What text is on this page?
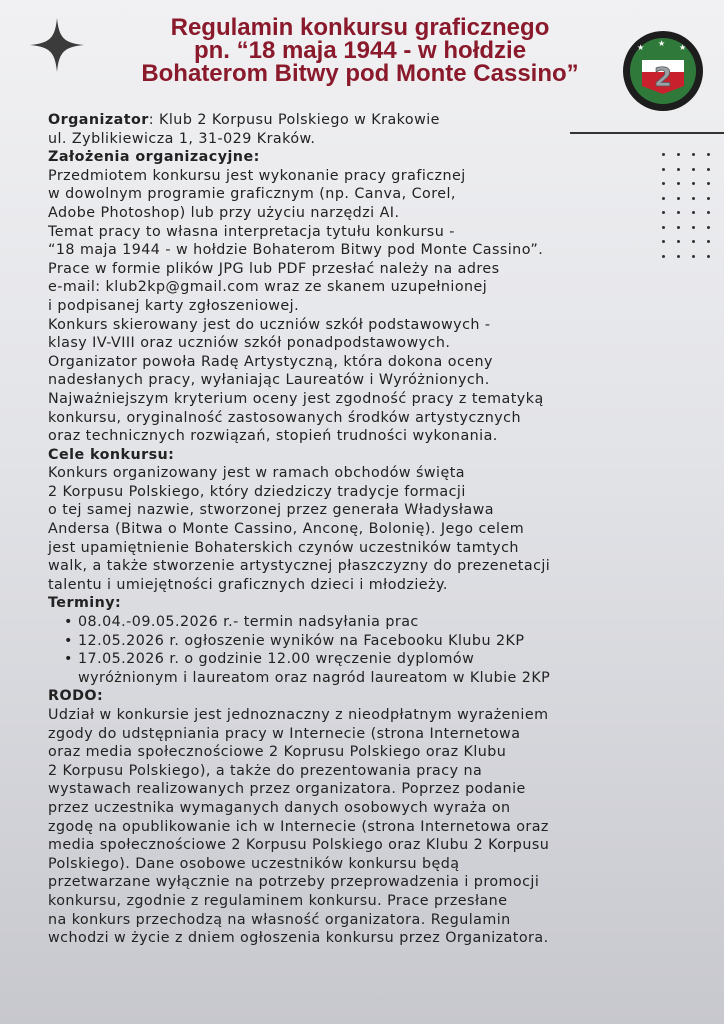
Regulamin konkursu graficznego
pn. “18 maja 1944 - w hołdzie
Bohaterom Bitwy pod Monte Cassino”
★ ★ ★
2

Organizator: Klub 2 Korpusu Polskiego w Krakowie
ul. Zyblikiewicza 1, 31-029 Kraków.

Założenia organizacyjne:

Przedmiotem konkursu jest wykonanie pracy graficznej
w dowolnym programie graficznym (np. Canva, Corel,
Adobe Photoshop) lub przy użyciu narzędzi AI.
Temat pracy to własna interpretacja tytułu konkursu -
“18 maja 1944 - w hołdzie Bohaterom Bitwy pod Monte Cassino”.
Prace w formie plików JPG lub PDF przesłać należy na adres
e-mail: klub2kp@gmail.com wraz ze skanem uzupełnionej
i podpisanej karty zgłoszeniowej.
Konkurs skierowany jest do uczniów szkół podstawowych -
klasy IV-VIII oraz uczniów szkół ponadpodstawowych.
Organizator powoła Radę Artystyczną, która dokona oceny
nadesłanych pracy, wyłaniając Laureatów i Wyróżnionych.
Najważniejszym kryterium oceny jest zgodność pracy z tematyką
konkursu, oryginalność zastosowanych środków artystycznych
oraz technicznych rozwiązań, stopień trudności wykonania.

Cele konkursu:

Konkurs organizowany jest w ramach obchodów święta
2 Korpusu Polskiego, który dziedziczy tradycje formacji
o tej samej nazwie, stworzonej przez generała Władysława
Andersa (Bitwa o Monte Cassino, Anconę, Bolonię). Jego celem
jest upamiętnienie Bohaterskich czynów uczestników tamtych
walk, a także stworzenie artystycznej płaszczyzny do prezenetacji
talentu i umiejętności graficznych dzieci i młodzieży.

Terminy:

• 08.04.-09.05.2026 r.- termin nadsyłania prac
• 12.05.2026 r. ogłoszenie wyników na Facebooku Klubu 2KP
• 17.05.2026 r. o godzinie 12.00 wręczenie dyplomów
wyróżnionym i laureatom oraz nagród laureatom w Klubie 2KP

RODO:

Udział w konkursie jest jednoznaczny z nieodpłatnym wyrażeniem
zgody do udstępniania pracy w Internecie (strona Internetowa
oraz media społecznościowe 2 Koprusu Polskiego oraz Klubu
2 Korpusu Polskiego), a także do prezentowania pracy na
wystawach realizowanych przez organizatora. Poprzez podanie
przez uczestnika wymaganych danych osobowych wyraża on
zgodę na opublikowanie ich w Internecie (strona Internetowa oraz
media społecznościowe 2 Korpusu Polskiego oraz Klubu 2 Korpusu
Polskiego). Dane osobowe uczestników konkursu będą
przetwarzane wyłącznie na potrzeby przeprowadzenia i promocji
konkursu, zgodnie z regulaminem konkursu. Prace przesłane
na konkurs przechodzą na własność organizatora. Regulamin
wchodzi w życie z dniem ogłoszenia konkursu przez Organizatora.
